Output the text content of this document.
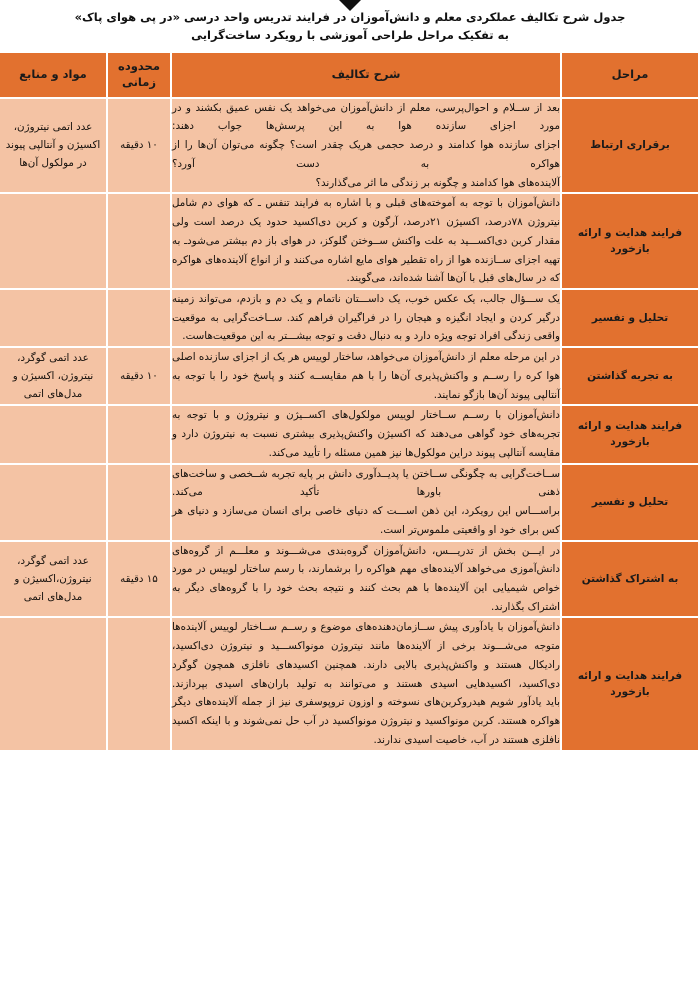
جدول شرح تکالیف عملکردی معلم و دانش‌آموزان در فرایند تدریس واحد درسی «در پی هوای پاک»
به تفکیک مراحل طراحی آموزشی با رویکرد ساخت‌گرایی
مراحل	شرح تکالیف	محدوده زمانی	مواد و منابع
برقراری ارتباط	بعد از ســلام و احوال‌پرسی، معلم از دانش‌آموزان می‌خواهد یک نفس عمیق بکشند و در مورد اجزای سازنده هوا به این پرسش‌ها جواب دهند:

اجزای سازنده هوا کدامند و درصد حجمی هریک چقدر است؟ چگونه می‌توان آن‌ها را از هواکره به دست آورد؟

آلاینده‌های هوا کدامند و چگونه بر زندگی ما اثر می‌گذارند؟	۱۰ دقیقه	عدد اتمی نیتروژن، اکسیژن و آنتالپی پیوند در مولکول آن‌ها
فرایند هدایت و ارائه بازخورد	دانش‌آموزان با توجه به آموخته‌های قبلی و با اشاره به فرایند تنفس ـ که هوای دم شامل نیتروژن ۷۸درصد، اکسیژن ۲۱درصد، آرگون و کربن دی‌اکسید حدود یک درصد است ولی مقدار کربن دی‌اکســـید به علت واکنش ســوختن گلوکز، در هوای باز دم بیشتر می‌شودـ به تهیه اجزای ســازنده هوا از راه تقطیر هوای مایع اشاره می‌کنند و از انواع آلاینده‌های هواکره که در سال‌های قبل با آن‌ها آشنا شده‌اند، می‌گویند.		

تحلیل و تفسیر	یک ســـؤال جالب، یک عکس خوب، یک داســـتان ناتمام و یک دم و بازدم، می‌تواند زمینه درگیر کردن و ایجاد انگیزه و هیجان را در فراگیران فراهم کند. ســاخت‌گرایی به موقعیت واقعی زندگی افراد توجه ویژه دارد و به دنبال دقت و توجه بیشـــتر به این موقعیت‌هاست.		

به تجربه گذاشتن	در این مرحله معلم از دانش‌آموزان می‌خواهد، ساختار لوییس هر یک از اجزای سازنده اصلی هوا کره را رســم و واکنش‌پذیری آن‌ها را با هم مقایســه کنند و پاسخ خود را با توجه به آنتالپی پیوند آن‌ها بازگو نمایند.	۱۰ دقیقه	عدد اتمی گوگرد، نیتروژن، اکسیژن و مدل‌های اتمی
فرایند هدایت و ارائه بازخورد	دانش‌آموزان با رســم ســاختار لوییس مولکول‌های اکســیژن و نیتروژن و با توجه به تجربه‌های خود گواهی می‌دهند که اکسیژن واکنش‌پذیری بیشتری نسبت به نیتروژن دارد و مقایسه آنتالپی پیوند دراین مولکول‌ها نیز همین مسئله را تأیید می‌کند.		

تحلیل و تفسیر	ســاخت‌گرایی به چگونگی ســاختن یا پدیــدآوری دانش بر پایه تجربه شــخصی و ساخت‌های ذهنی باورها تأکید می‌کند.

براســـاس این رویکرد، این ذهن اســـت که دنیای خاصی برای انسان می‌سازد و دنیای هر کس برای خود او واقعیتی ملموس‌تر است.		

به اشتراک گذاشتن	در ایـــن بخش از تدریـــس، دانش‌آموزان گروه‌بندی می‌شـــوند و معلـــم از گروه‌های دانش‌آموزی می‌خواهد آلاینده‌های مهم هواکره را برشمارند، با رسم ساختار لوییس در مورد خواص شیمیایی این آلاینده‌ها با هم بحث کنند و نتیجه بحث خود را با گروه‌های دیگر به اشتراک بگذارند.	۱۵ دقیقه	عدد اتمی گوگرد، نیتروژن،اکسیژن و مدل‌های اتمی
فرایند هدایت و ارائه بازخورد	دانش‌آموزان با یادآوری پیش ســازمان‌دهنده‌های موضوع و رســم ســاختار لوییس آلاینده‌ها متوجه می‌شـــوند برخی از آلاینده‌ها مانند نیتروژن مونواکســـید و نیتروژن دی‌اکسید، رادیکال هستند و واکنش‌پذیری بالایی دارند. همچنین اکسیدهای نافلزی همچون گوگرد دی‌اکسید، اکسیدهایی اسیدی هستند و می‌توانند به تولید باران‌های اسیدی بپردازند.

باید یادآور شویم هیدروکربن‌های نسوخته و اوزون تروپوسفری نیز از جمله آلاینده‌های دیگر هواکره هستند. کربن مونواکسید و نیتروژن مونواکسید در آب حل نمی‌شوند و با اینکه اکسید نافلزی هستند در آب، خاصیت اسیدی ندارند.		
